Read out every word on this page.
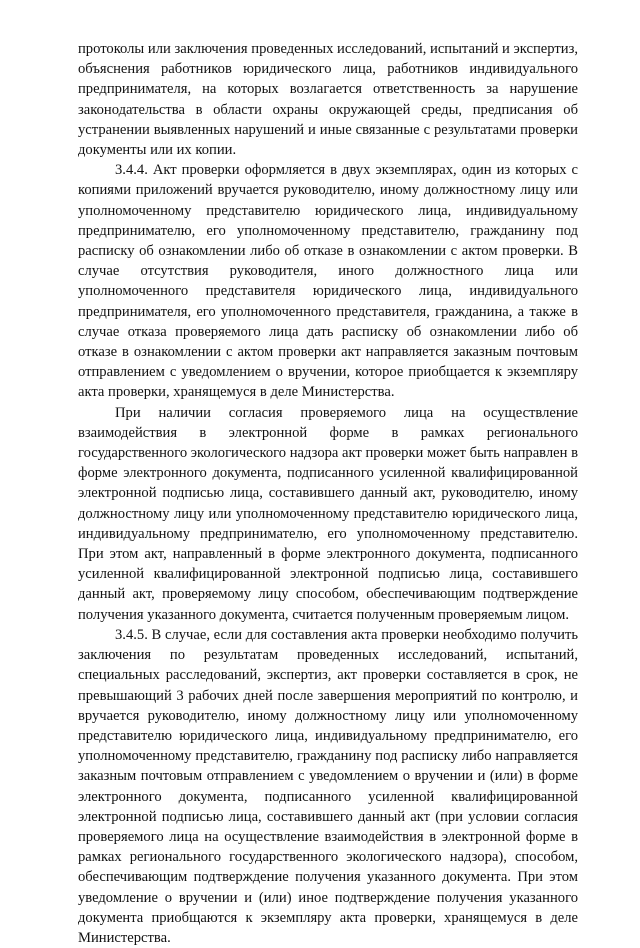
протоколы или заключения проведенных исследований, испытаний и экспертиз, объяснения работников юридического лица, работников индивидуального предпринимателя, на которых возлагается ответственность за нарушение законодательства в области охраны окружающей среды, предписания об устранении выявленных нарушений и иные связанные с результатами проверки документы или их копии.

3.4.4. Акт проверки оформляется в двух экземплярах, один из которых с копиями приложений вручается руководителю, иному должностному лицу или уполномоченному представителю юридического лица, индивидуальному предпринимателю, его уполномоченному представителю, гражданину под расписку об ознакомлении либо об отказе в ознакомлении с актом проверки. В случае отсутствия руководителя, иного должностного лица или уполномоченного представителя юридического лица, индивидуального предпринимателя, его уполномоченного представителя, гражданина, а также в случае отказа проверяемого лица дать расписку об ознакомлении либо об отказе в ознакомлении с актом проверки акт направляется заказным почтовым отправлением с уведомлением о вручении, которое приобщается к экземпляру акта проверки, хранящемуся в деле Министерства.

При наличии согласия проверяемого лица на осуществление взаимодействия в электронной форме в рамках регионального государственного экологического надзора акт проверки может быть направлен в форме электронного документа, подписанного усиленной квалифицированной электронной подписью лица, составившего данный акт, руководителю, иному должностному лицу или уполномоченному представителю юридического лица, индивидуальному предпринимателю, его уполномоченному представителю. При этом акт, направленный в форме электронного документа, подписанного усиленной квалифицированной электронной подписью лица, составившего данный акт, проверяемому лицу способом, обеспечивающим подтверждение получения указанного документа, считается полученным проверяемым лицом.

3.4.5. В случае, если для составления акта проверки необходимо получить заключения по результатам проведенных исследований, испытаний, специальных расследований, экспертиз, акт проверки составляется в срок, не превышающий 3 рабочих дней после завершения мероприятий по контролю, и вручается руководителю, иному должностному лицу или уполномоченному представителю юридического лица, индивидуальному предпринимателю, его уполномоченному представителю, гражданину под расписку либо направляется заказным почтовым отправлением с уведомлением о вручении и (или) в форме электронного документа, подписанного усиленной квалифицированной электронной подписью лица, составившего данный акт (при условии согласия проверяемого лица на осуществление взаимодействия в электронной форме в рамках регионального государственного экологического надзора), способом, обеспечивающим подтверждение получения указанного документа. При этом уведомление о вручении и (или) иное подтверждение получения указанного документа приобщаются к экземпляру акта проверки, хранящемуся в деле Министерства.
